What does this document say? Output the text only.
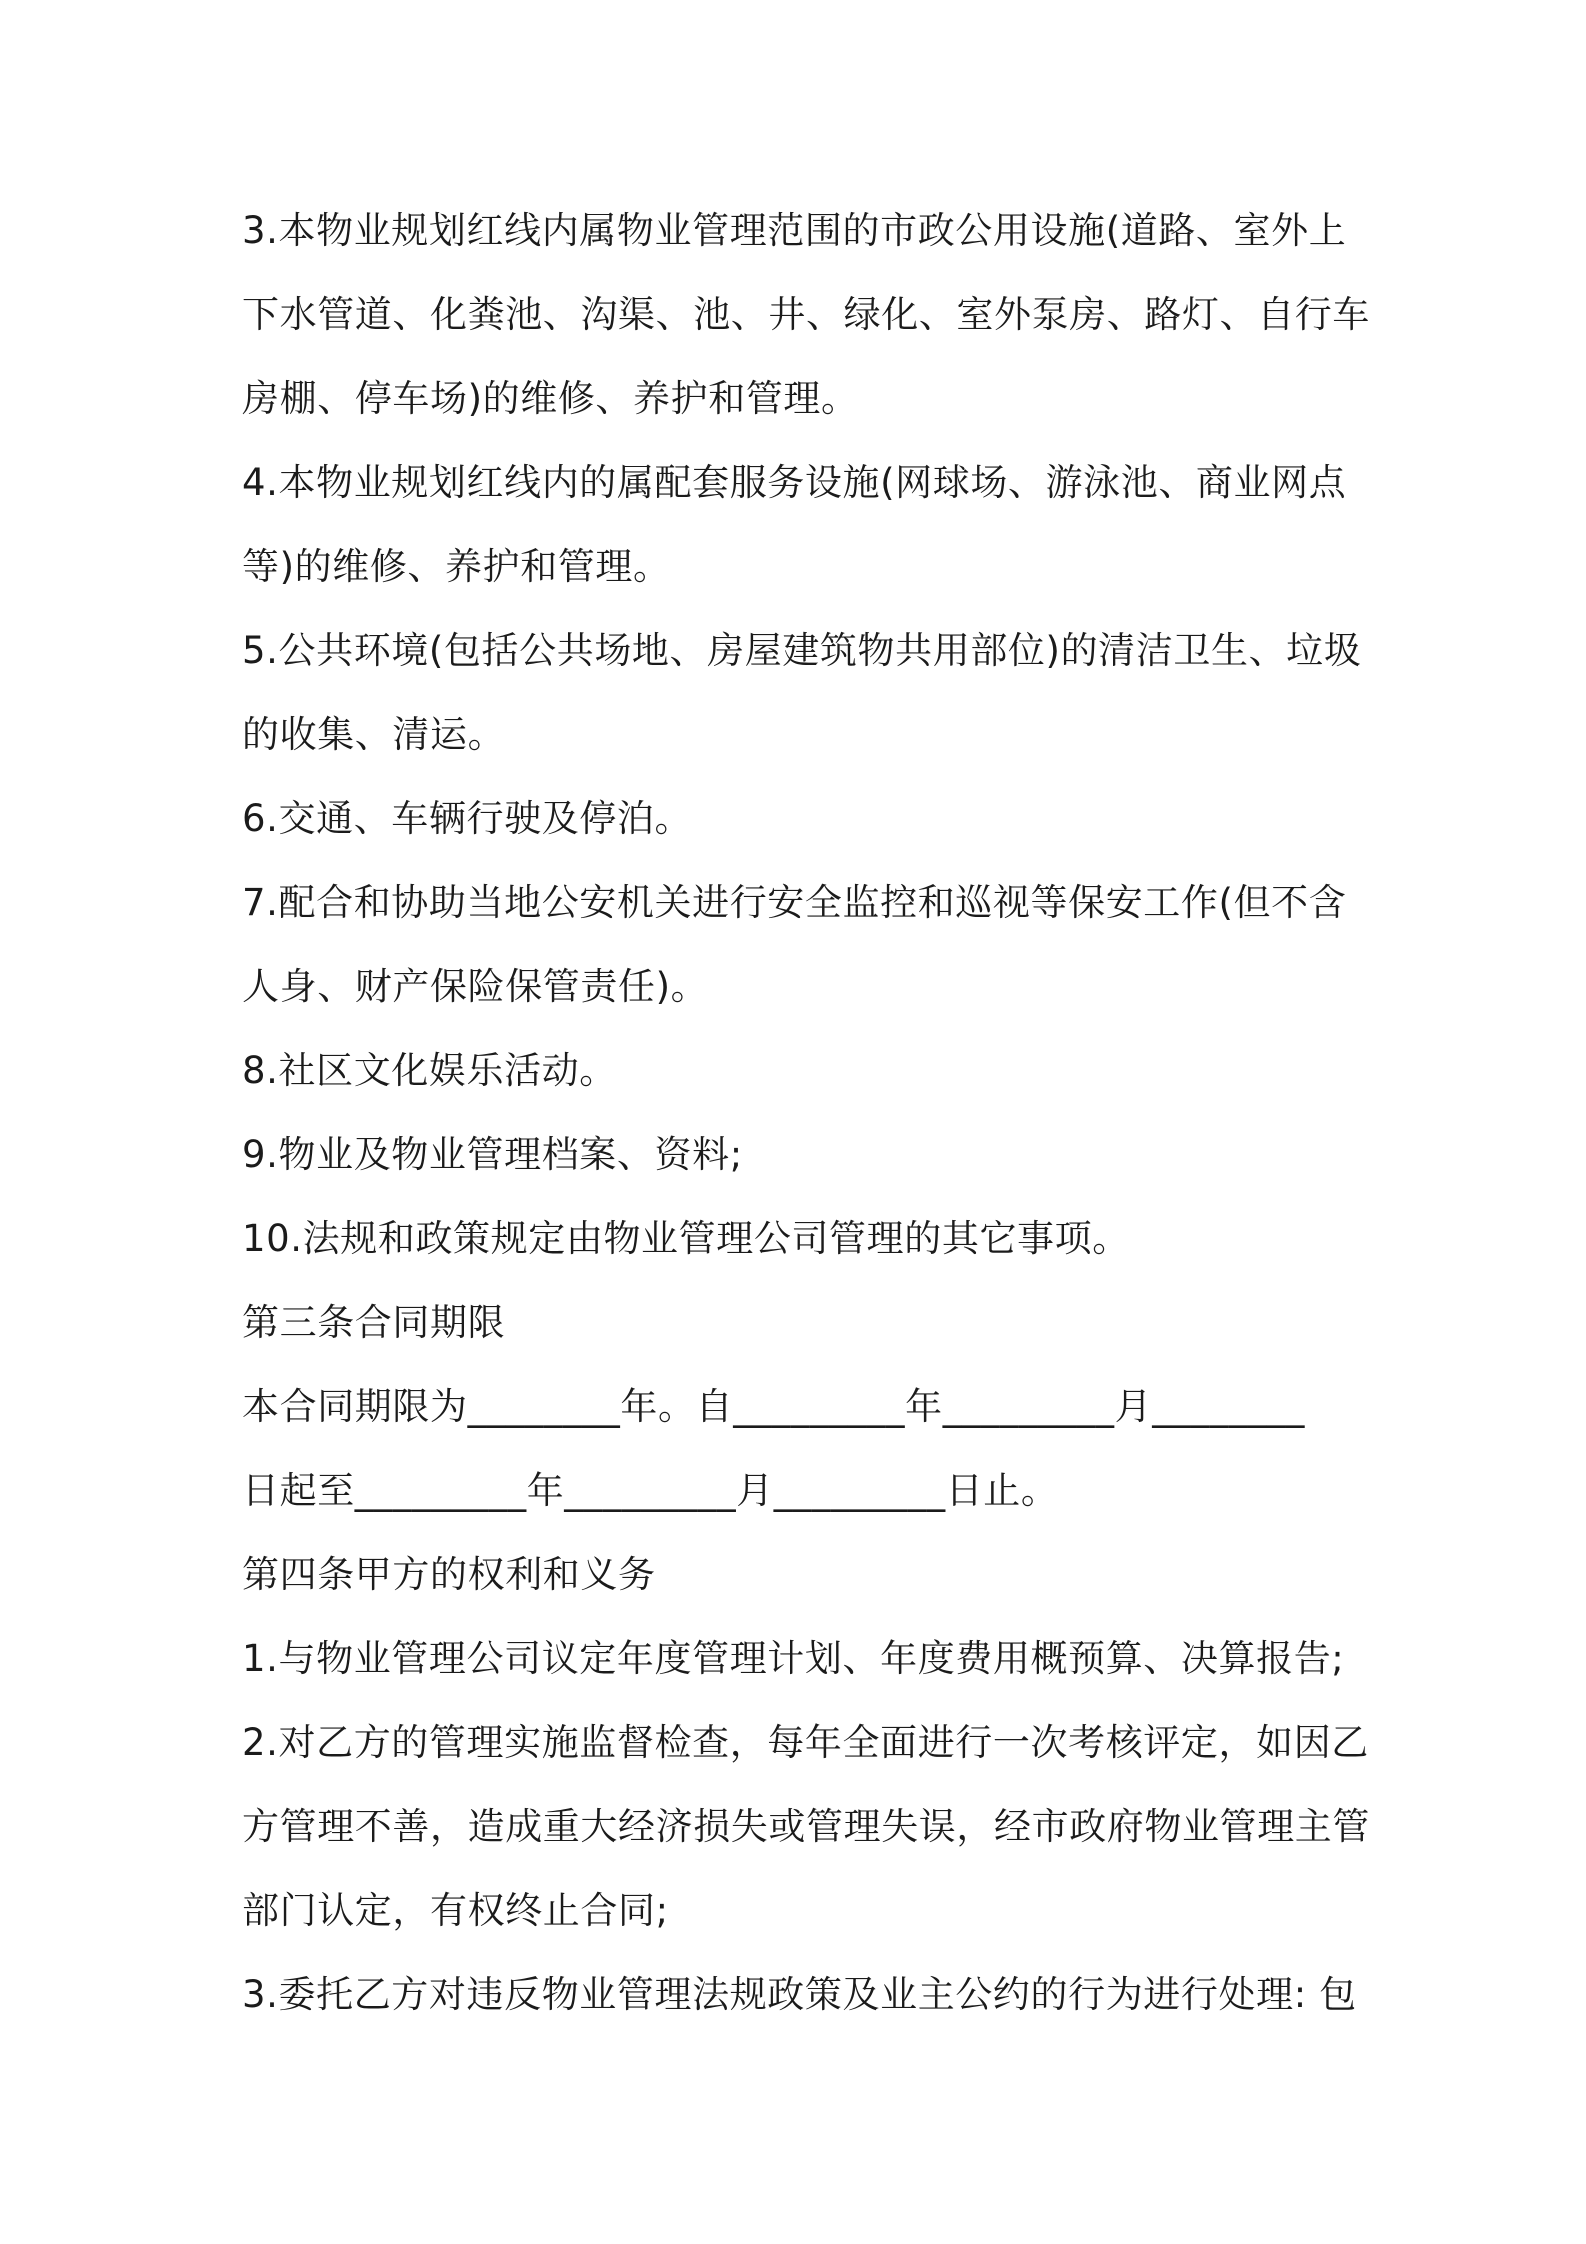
3.本物业规划红线内属物业管理范围的市政公用设施(道路、室外上
下水管道、化粪池、沟渠、池、井、绿化、室外泵房、路灯、自行车
房棚、停车场)的维修、养护和管理。
4.本物业规划红线内的属配套服务设施(网球场、游泳池、商业网点
等)的维修、养护和管理。
5.公共环境(包括公共场地、房屋建筑物共用部位)的清洁卫生、垃圾
的收集、清运。
6.交通、车辆行驶及停泊。
7.配合和协助当地公安机关进行安全监控和巡视等保安工作(但不含
人身、财产保险保管责任)。
8.社区文化娱乐活动。
9.物业及物业管理档案、资料;
10.法规和政策规定由物业管理公司管理的其它事项。
第三条合同期限
本合同期限为________年。自_________年_________月________
日起至_________年_________月_________日止。
第四条甲方的权利和义务
1.与物业管理公司议定年度管理计划、年度费用概预算、决算报告;
2.对乙方的管理实施监督检查，每年全面进行一次考核评定，如因乙
方管理不善，造成重大经济损失或管理失误，经市政府物业管理主管
部门认定，有权终止合同;
3.委托乙方对违反物业管理法规政策及业主公约的行为进行处理: 包
